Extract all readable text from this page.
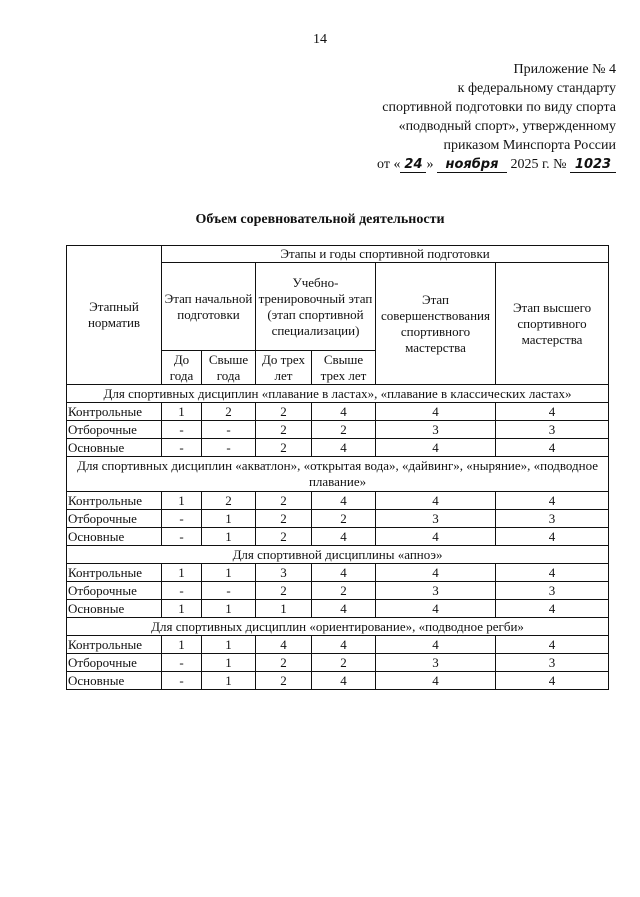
14
Приложение № 4
к федеральному стандарту
спортивной подготовки по виду спорта
«подводный спорт», утвержденному
приказом Минспорта России
от « 24 » ноября 2025 г. № 1023
Объем соревновательной деятельности
Этапный норматив	Этапы и годы спортивной подготовки					
	Этап начальной подготовки		Учебно-тренировочный этап (этап спортивной специализации)		Этап совершенствования спортивного мастерства	Этап высшего спортивного мастерства
	До года	Свыше года	До трех лет	Свыше трех лет		
Для спортивных дисциплин «плавание в ластах», «плавание в классических ластах»						
Контрольные	1	2	2	4	4	4
Отборочные	-	-	2	2	3	3
Основные	-	-	2	4	4	4
Для спортивных дисциплин «акватлон», «открытая вода», «дайвинг», «ныряние», «подводное плавание»						
Контрольные	1	2	2	4	4	4
Отборочные	-	1	2	2	3	3
Основные	-	1	2	4	4	4
Для спортивной дисциплины «апноэ»						
Контрольные	1	1	3	4	4	4
Отборочные	-	-	2	2	3	3
Основные	1	1	1	4	4	4
Для спортивных дисциплин «ориентирование», «подводное регби»						
Контрольные	1	1	4	4	4	4
Отборочные	-	1	2	2	3	3
Основные	-	1	2	4	4	4
